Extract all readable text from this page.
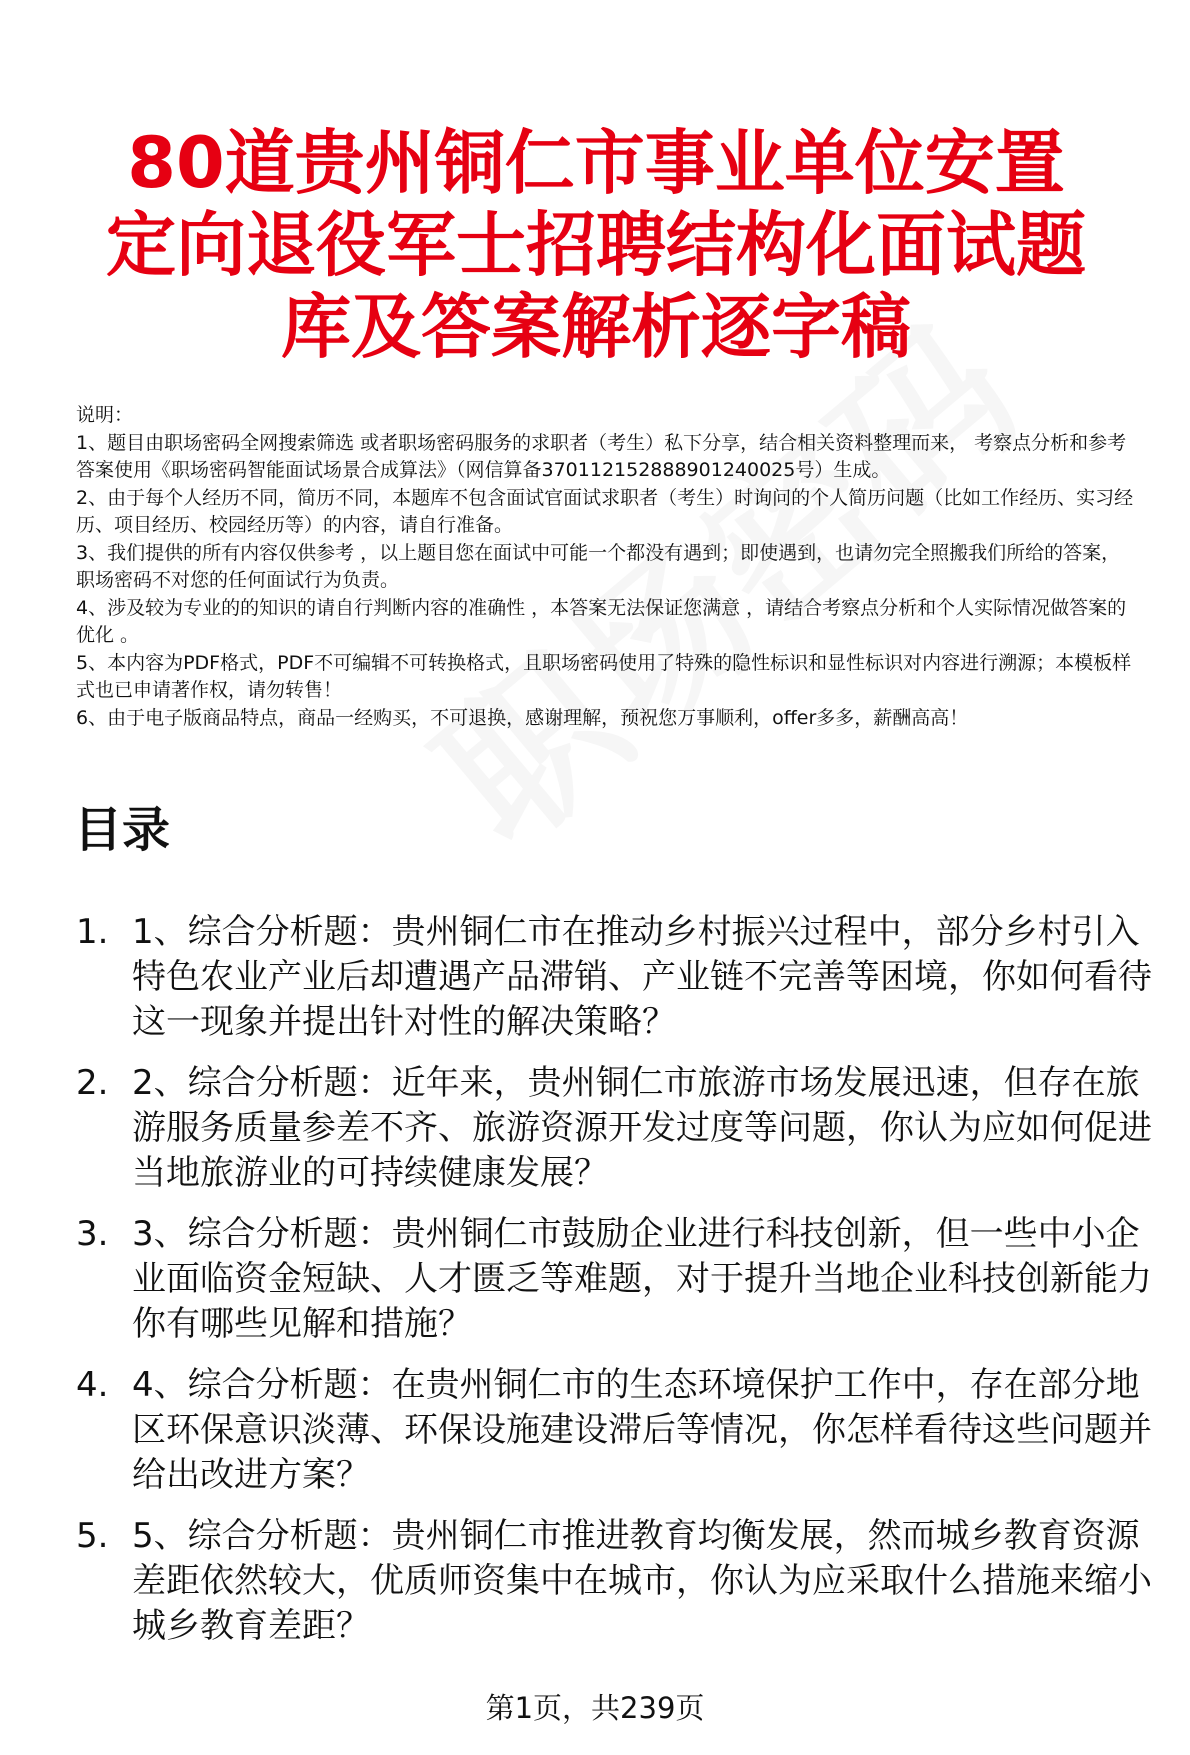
80道贵州铜仁市事业单位安置定向退役军士招聘结构化面试题库及答案解析逐字稿

说明：

1、题目由职场密码全网搜索筛选 或者职场密码服务的求职者（考生）私下分享，结合相关资料整理而来， 考察点分析和参考答案使用《职场密码智能面试场景合成算法》（网信算备370112152888901240025号）生成。

2、由于每个人经历不同，简历不同，本题库不包含面试官面试求职者（考生）时询问的个人简历问题（比如工作经历、实习经历、项目经历、校园经历等）的内容，请自行准备。

3、我们提供的所有内容仅供参考 ，以上题目您在面试中可能一个都没有遇到；即使遇到，也请勿完全照搬我们所给的答案，职场密码不对您的任何面试行为负责。

4、涉及较为专业的的知识的请自行判断内容的准确性 ，本答案无法保证您满意 ，请结合考察点分析和个人实际情况做答案的优化 。

5、本内容为PDF格式，PDF不可编辑不可转换格式，且职场密码使用了特殊的隐性标识和显性标识对内容进行溯源；本模板样式也已申请著作权，请勿转售！

6、由于电子版商品特点，商品一经购买，不可退换，感谢理解，预祝您万事顺利，offer多多，薪酬高高！

目录
1. 1、综合分析题：贵州铜仁市在推动乡村振兴过程中，部分乡村引入特色农业产业后却遭遇产品滞销、产业链不完善等困境，你如何看待这一现象并提出针对性的解决策略？
2. 2、综合分析题：近年来，贵州铜仁市旅游市场发展迅速，但存在旅游服务质量参差不齐、旅游资源开发过度等问题，你认为应如何促进当地旅游业的可持续健康发展？
3. 3、综合分析题：贵州铜仁市鼓励企业进行科技创新，但一些中小企业面临资金短缺、人才匮乏等难题，对于提升当地企业科技创新能力你有哪些见解和措施？
4. 4、综合分析题：在贵州铜仁市的生态环境保护工作中，存在部分地区环保意识淡薄、环保设施建设滞后等情况，你怎样看待这些问题并给出改进方案？
5. 5、综合分析题：贵州铜仁市推进教育均衡发展，然而城乡教育资源差距依然较大，优质师资集中在城市，你认为应采取什么措施来缩小城乡教育差距？
第1页，共239页
